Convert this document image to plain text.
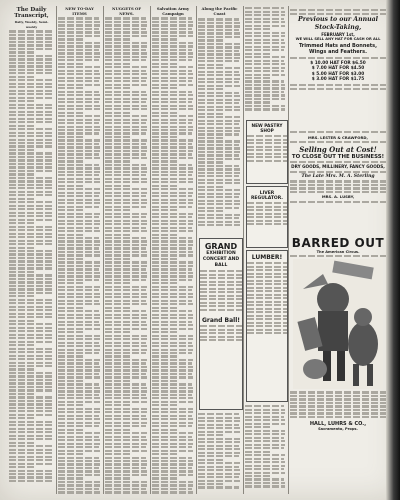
The Daily Transcript,
Daily, Weekly, Semi-weekly
NEW TO-DAY ITEMS
NUGGETS OF NEWS.
Salvation Army Campaign
Along the Pacific Coast
GRAND
EXHIBITION CONCERT AND BALL
Grand Ball!
NEW PASTRY SHOP
LIVER REGULATOR.
LUMBER!
Previous to our Annual Stock-Taking,
FEBRUARY 1st,
WE WILL SELL ANY HAT FOR CASH OR ALL
Trimmed Hats and Bonnets, Wings and Feathers.
$ 10.00 HAT FOR $6.50
$ 7.00 HAT FOR $4.50
$ 5.00 HAT FOR $3.00
$ 3.00 HAT FOR $1.75
MRS. LESTER & CRAWFORD,
Selling Out at Cost!
TO CLOSE OUT THE BUSINESS!
DRY GOODS, MILLINERY, FANCY GOODS,
The Late Mrs. M. A. Sterling
MRS. A. LUSBY,
BARRED OUT
The American Circus.
HALL, LUHRS & CO.,
Sacramento, Props.
